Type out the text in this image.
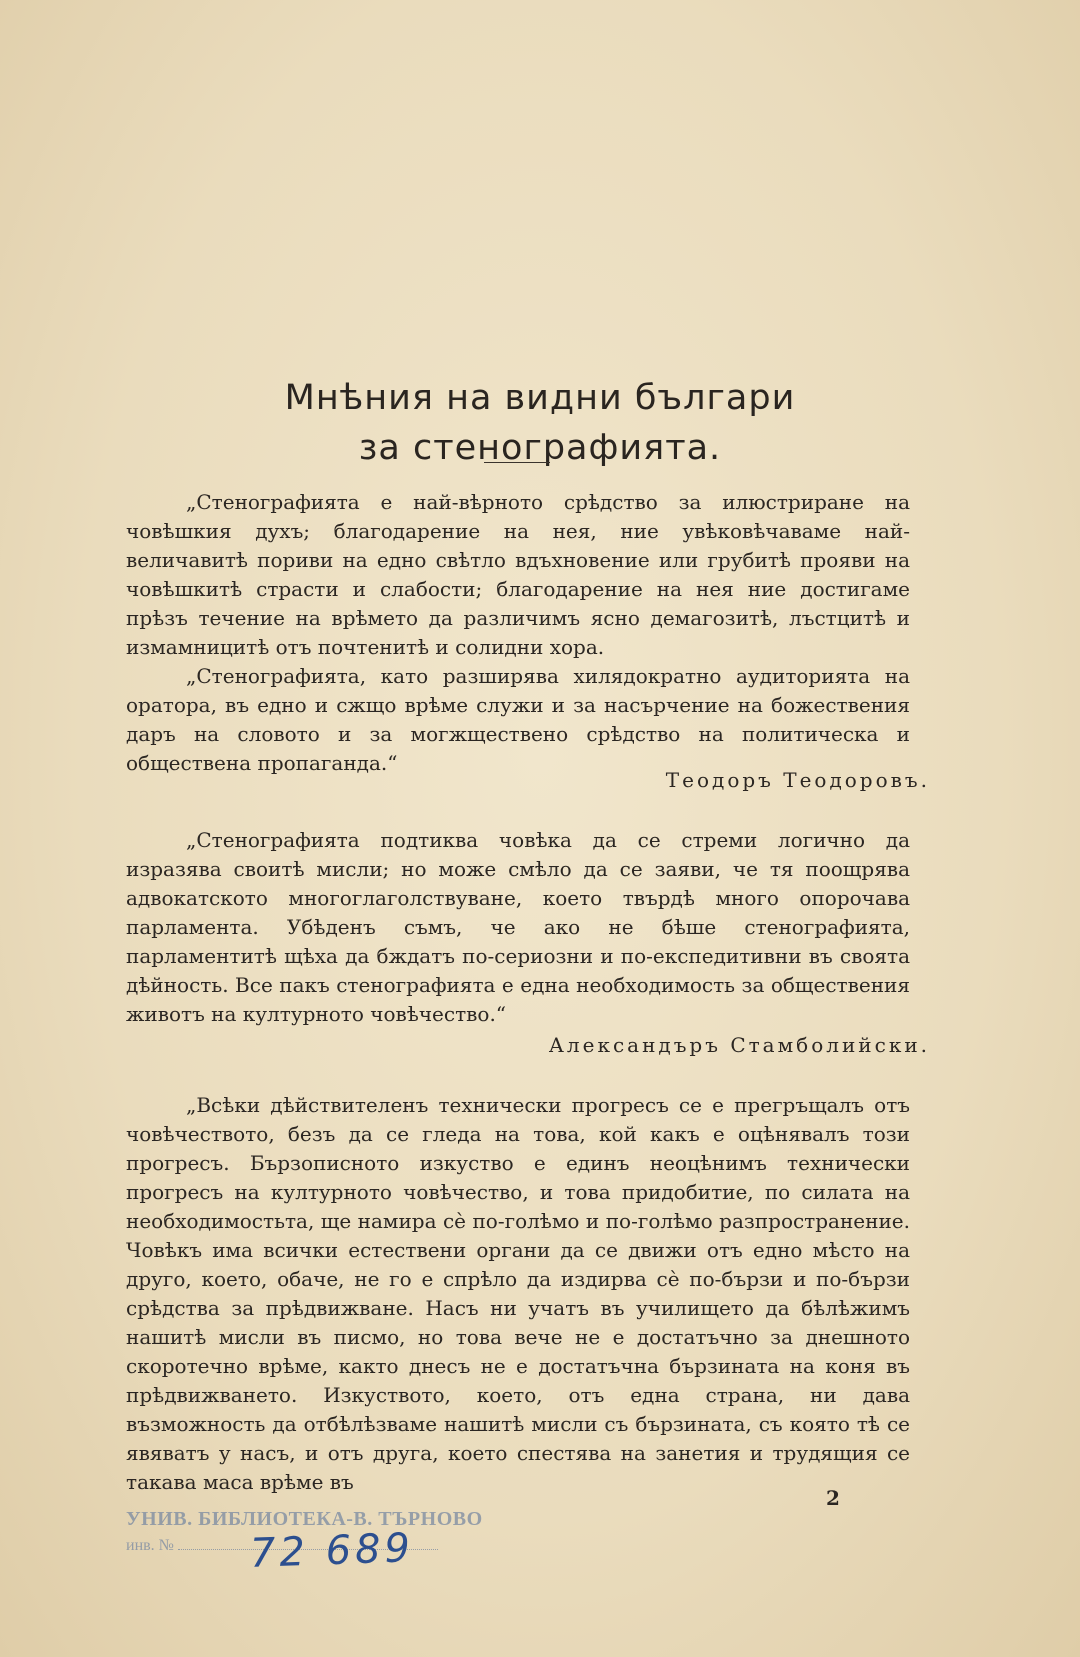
Мнѣния на видни българи
за стенографията.

„Стенографията е най-вѣрното срѣдство за илюстриране на човѣшкия духъ; благодарение на нея, ние увѣковѣчаваме най-величавитѣ пориви на едно свѣтло вдъхновение или грубитѣ прояви на човѣшкитѣ страсти и слабости; благодарение на нея ние достигаме прѣзъ течение на врѣмето да различимъ ясно демагозитѣ, лъстцитѣ и измамницитѣ отъ почтенитѣ и солидни хора.

„Стенографията, като разширява хилядократно аудиторията на оратора, въ едно и сжщо врѣме служи и за насърчение на божествения даръ на словото и за могжществено срѣдство на политическа и обществена пропаганда.“

Теодоръ Теодоровъ.

„Стенографията подтиква човѣка да се стреми логично да изразява своитѣ мисли; но може смѣло да се заяви, че тя поощрява адвокатското многоглаголствуване, което твърдѣ много опорочава парламента. Убѣденъ съмъ, че ако не бѣше стенографията, парламентитѣ щѣха да бждатъ по-сериозни и по-експедитивни въ своята дѣйность. Все пакъ стенографията е една необходимость за обществения животъ на културното човѣчество.“

Александъръ Стамболийски.

„Всѣки дѣйствителенъ технически прогресъ се е прегръщалъ отъ човѣчеството, безъ да се гледа на това, кой какъ е оцѣнявалъ този прогресъ. Бързописното изкуство е единъ неоцѣнимъ технически прогресъ на културното човѣчество, и това придобитие, по силата на необходимостьта, ще намира сѐ по-голѣмо и по-голѣмо разпространение. Човѣкъ има всички естествени органи да се движи отъ едно мѣсто на друго, което, обаче, не го е спрѣло да издирва сѐ по-бързи и по-бързи срѣдства за прѣдвижване. Насъ ни учатъ въ училището да бѣлѣжимъ нашитѣ мисли въ писмо, но това вече не е достатъчно за днешното скоротечно врѣме, както днесъ не е достатъчна бързината на коня въ прѣдвижването. Изкуството, което, отъ една страна, ни дава възможность да отбѣлѣзваме нашитѣ мисли съ бързината, съ която тѣ се явяватъ у насъ, и отъ друга, което спестява на занетия и трудящия се такава маса врѣме въ

2
УНИВ. БИБЛИОТЕКА-В. ТЪРНОВО
инв. №	72 689
